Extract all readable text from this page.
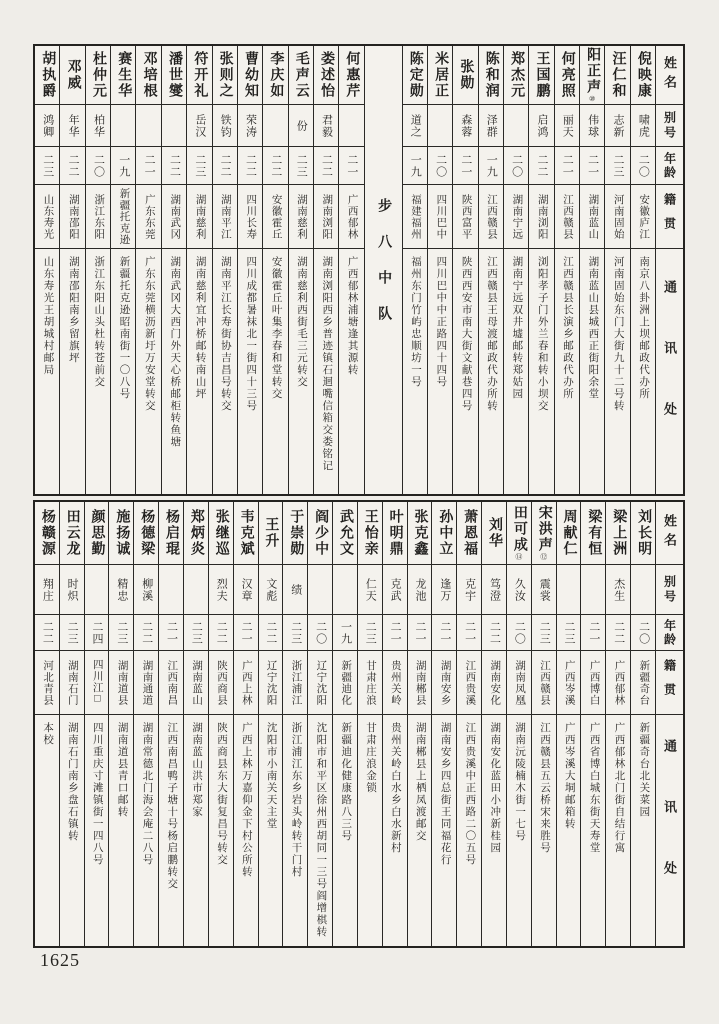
姓名
别号
年龄
籍贯
通讯处
倪映康
啸虎
二〇
安徽庐江
南京八卦洲上坝邮政代办所
汪仁和
志新
二三
河南固始
河南固始东门大街九十二号转
阳正声
⑩
伟球
二一
湖南蓝山
湖南蓝山县城西正街阳余堂
何亮照
丽天
二一
江西赣县
江西赣县长演乡邮政代办所
王国鹏
启鸿
二二
湖南浏阳
浏阳孝子门外兰春和转小坝交
郑杰元
二〇
湖南宁远
湖南宁远双井墟邮转郑姑园
陈和润
泽群
一九
江西赣县
江西赣县王母渡邮政代办所转
张勋
森蓉
二一
陕西富平
陕西西安市南大街文献巷四号
米居正
二〇
四川巴中
四川巴中中正路四十四号
陈定勋
道之
一九
福建福州
福州东门竹屿忠顺坊一号
步八中队
何惠芹
二一
广西郁林
广西郁林浦塘逢其源转
娄述怡
君毅
二二
湖南浏阳
湖南浏阳西乡普迹镇石迴嘴信箱交娄铭记
毛声云
份
二三
湖南慈利
湖南慈利西街毛三元转交
李庆如
二二
安徽霍丘
安徽霍丘叶集李春和堂转交
曹幼知
荣涛
二二
四川长寿
四川成都暑袜北一街四十三号
张则之
铁钧
二二
湖南平江
湖南平江长寿街协吉昌号转交
符开礼
岳汉
二三
湖南慈利
湖南慈利宜冲桥邮转南山坪
潘世燮
二二
湖南武冈
湖南武冈大西门外天心桥邮柜转鱼塘
邓培根
二一
广东东莞
广东东莞横沥新圩万安堂转交
赛生华
一九
新疆托克逊
新疆托克逊昭南街一〇八号
杜仲元
柏华
二〇
浙江东阳
浙江东阳山头杜转苍前交
邓威
年华
二二
湖南邵阳
湖南邵阳南乡留旗坪
胡执爵
鸿卿
二三
山东寿光
山东寿光王胡城村邮局
姓名
别号
年龄
籍贯
通讯处
刘长明
二〇
新疆奇台
新疆奇台北关菜园
梁上洲
杰生
二二
广西郁林
广西郁林北门街自结行寓
梁有恒
二一
广西博白
广西省博白城东街天寿堂
周献仁
二三
广西岑溪
广西岑溪大垌邮箱转
宋洪声
⑫
震裳
二三
江西赣县
江西赣县五云桥宋来胜号
田可成
⑭
久汝
二〇
湖南凤凰
湖南沅陵楠木街一七号
刘华
笃澄
二二
湖南安化
湖南安化蓝田小冲新桂园
萧恩福
克宇
二一
江西贵溪
江西贵溪中正西路二〇五号
孙中立
逢万
二一
湖南安乡
湖南安乡四总街王同福花行
张克鑫
龙池
二一
湖南郴县
湖南郴县上栖凤渡邮交
叶明鼎
克武
二一
贵州关岭
贵州关岭白水乡白水新村
王怡亲
仁天
二三
甘肃庄浪
甘肃庄浪金锁
武允文
一九
新疆迪化
新疆迪化健康路八三号
阎少中
二〇
辽宁沈阳
沈阳市和平区徐州西胡同一三号阎增棋转
于崇勋
绩
二三
浙江浦江
浙江浦江东乡岩头岭转干门村
王升
文彪
二二
辽宁沈阳
沈阳市小南关天主堂
韦克斌
汉章
二一
广西上林
广西上林万嘉仰金下村公所转
张继巡
烈夫
二二
陕西商县
陕西商县东大街复昌号转交
郑炳炎
二三
湖南蓝山
湖南蓝山洪市郑家
杨启琨
二一
江西南昌
江西南昌鸭子塘十号杨启鹏转交
杨德梁
柳溪
二二
湖南通道
湖南常德北门海会庵二八号
施扬诚
精忠
二三
湖南道县
湖南道县青口邮转
颜思勤
二四
四川江□
四川重庆寸滩镇街一四八号
田云龙
时炽
二三
湖南石门
湖南石门南乡盘石镇转
杨赣源
翔庄
二二
河北青县
本校
1625
